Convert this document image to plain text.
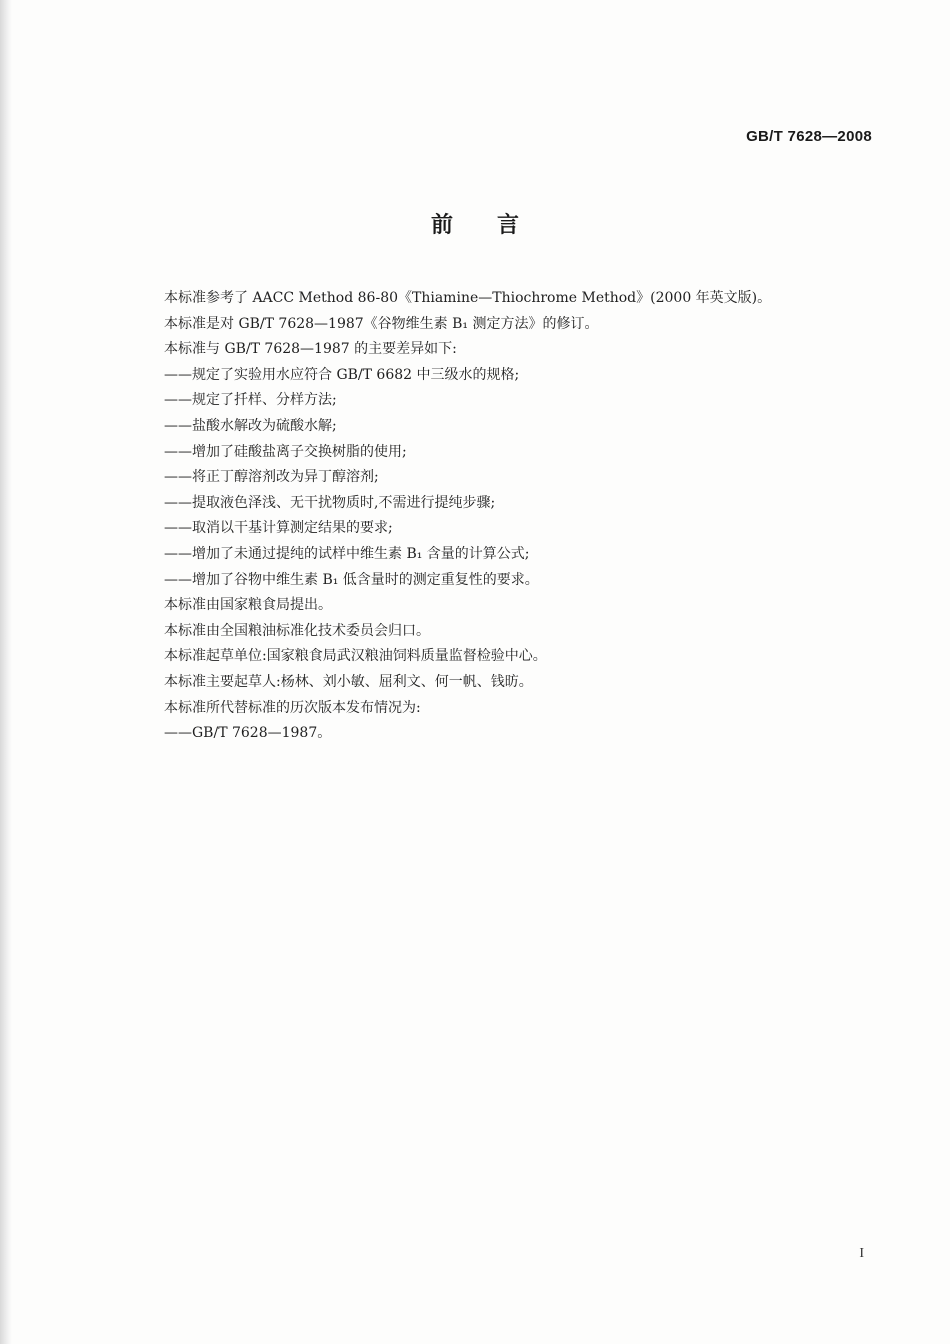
GB/T 7628—2008
前言
本标准参考了 AACC Method 86-80《Thiamine—Thiochrome Method》(2000 年英文版)。
本标准是对 GB/T 7628—1987《谷物维生素 B₁ 测定方法》的修订。
本标准与 GB/T 7628—1987 的主要差异如下:
——规定了实验用水应符合 GB/T 6682 中三级水的规格;
——规定了扦样、分样方法;
——盐酸水解改为硫酸水解;
——增加了硅酸盐离子交换树脂的使用;
——将正丁醇溶剂改为异丁醇溶剂;
——提取液色泽浅、无干扰物质时,不需进行提纯步骤;
——取消以干基计算测定结果的要求;
——增加了未通过提纯的试样中维生素 B₁ 含量的计算公式;
——增加了谷物中维生素 B₁ 低含量时的测定重复性的要求。
本标准由国家粮食局提出。
本标准由全国粮油标准化技术委员会归口。
本标准起草单位:国家粮食局武汉粮油饲料质量监督检验中心。
本标准主要起草人:杨林、刘小敏、屈利文、何一帆、钱昉。
本标准所代替标准的历次版本发布情况为:
——GB/T 7628—1987。
I
